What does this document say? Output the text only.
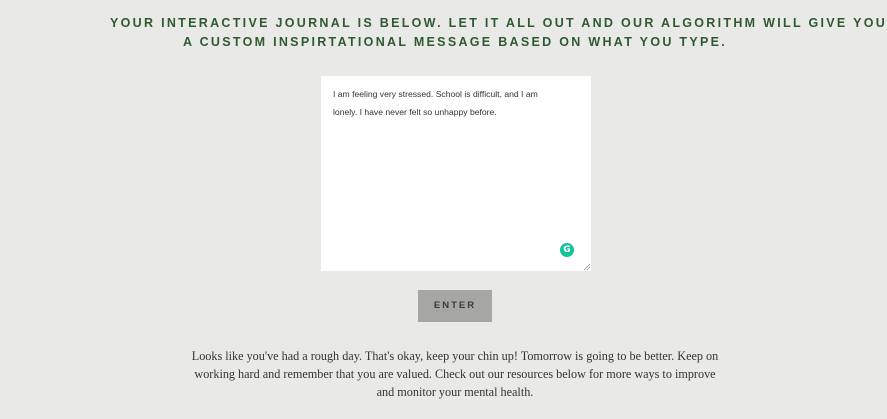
YOUR INTERACTIVE JOURNAL IS BELOW. LET IT ALL OUT AND OUR ALGORITHM WILL GIVE YOU
A CUSTOM INSPIRTATIONAL MESSAGE BASED ON WHAT YOU TYPE.

I am feeling very stressed. School is difficult, and I am
lonely. I have never felt so unhappy before.

G
ENTER

Looks like you've had a rough day. That's okay, keep your chin up! Tomorrow is going to be better. Keep on
working hard and remember that you are valued. Check out our resources below for more ways to improve
and monitor your mental health.
